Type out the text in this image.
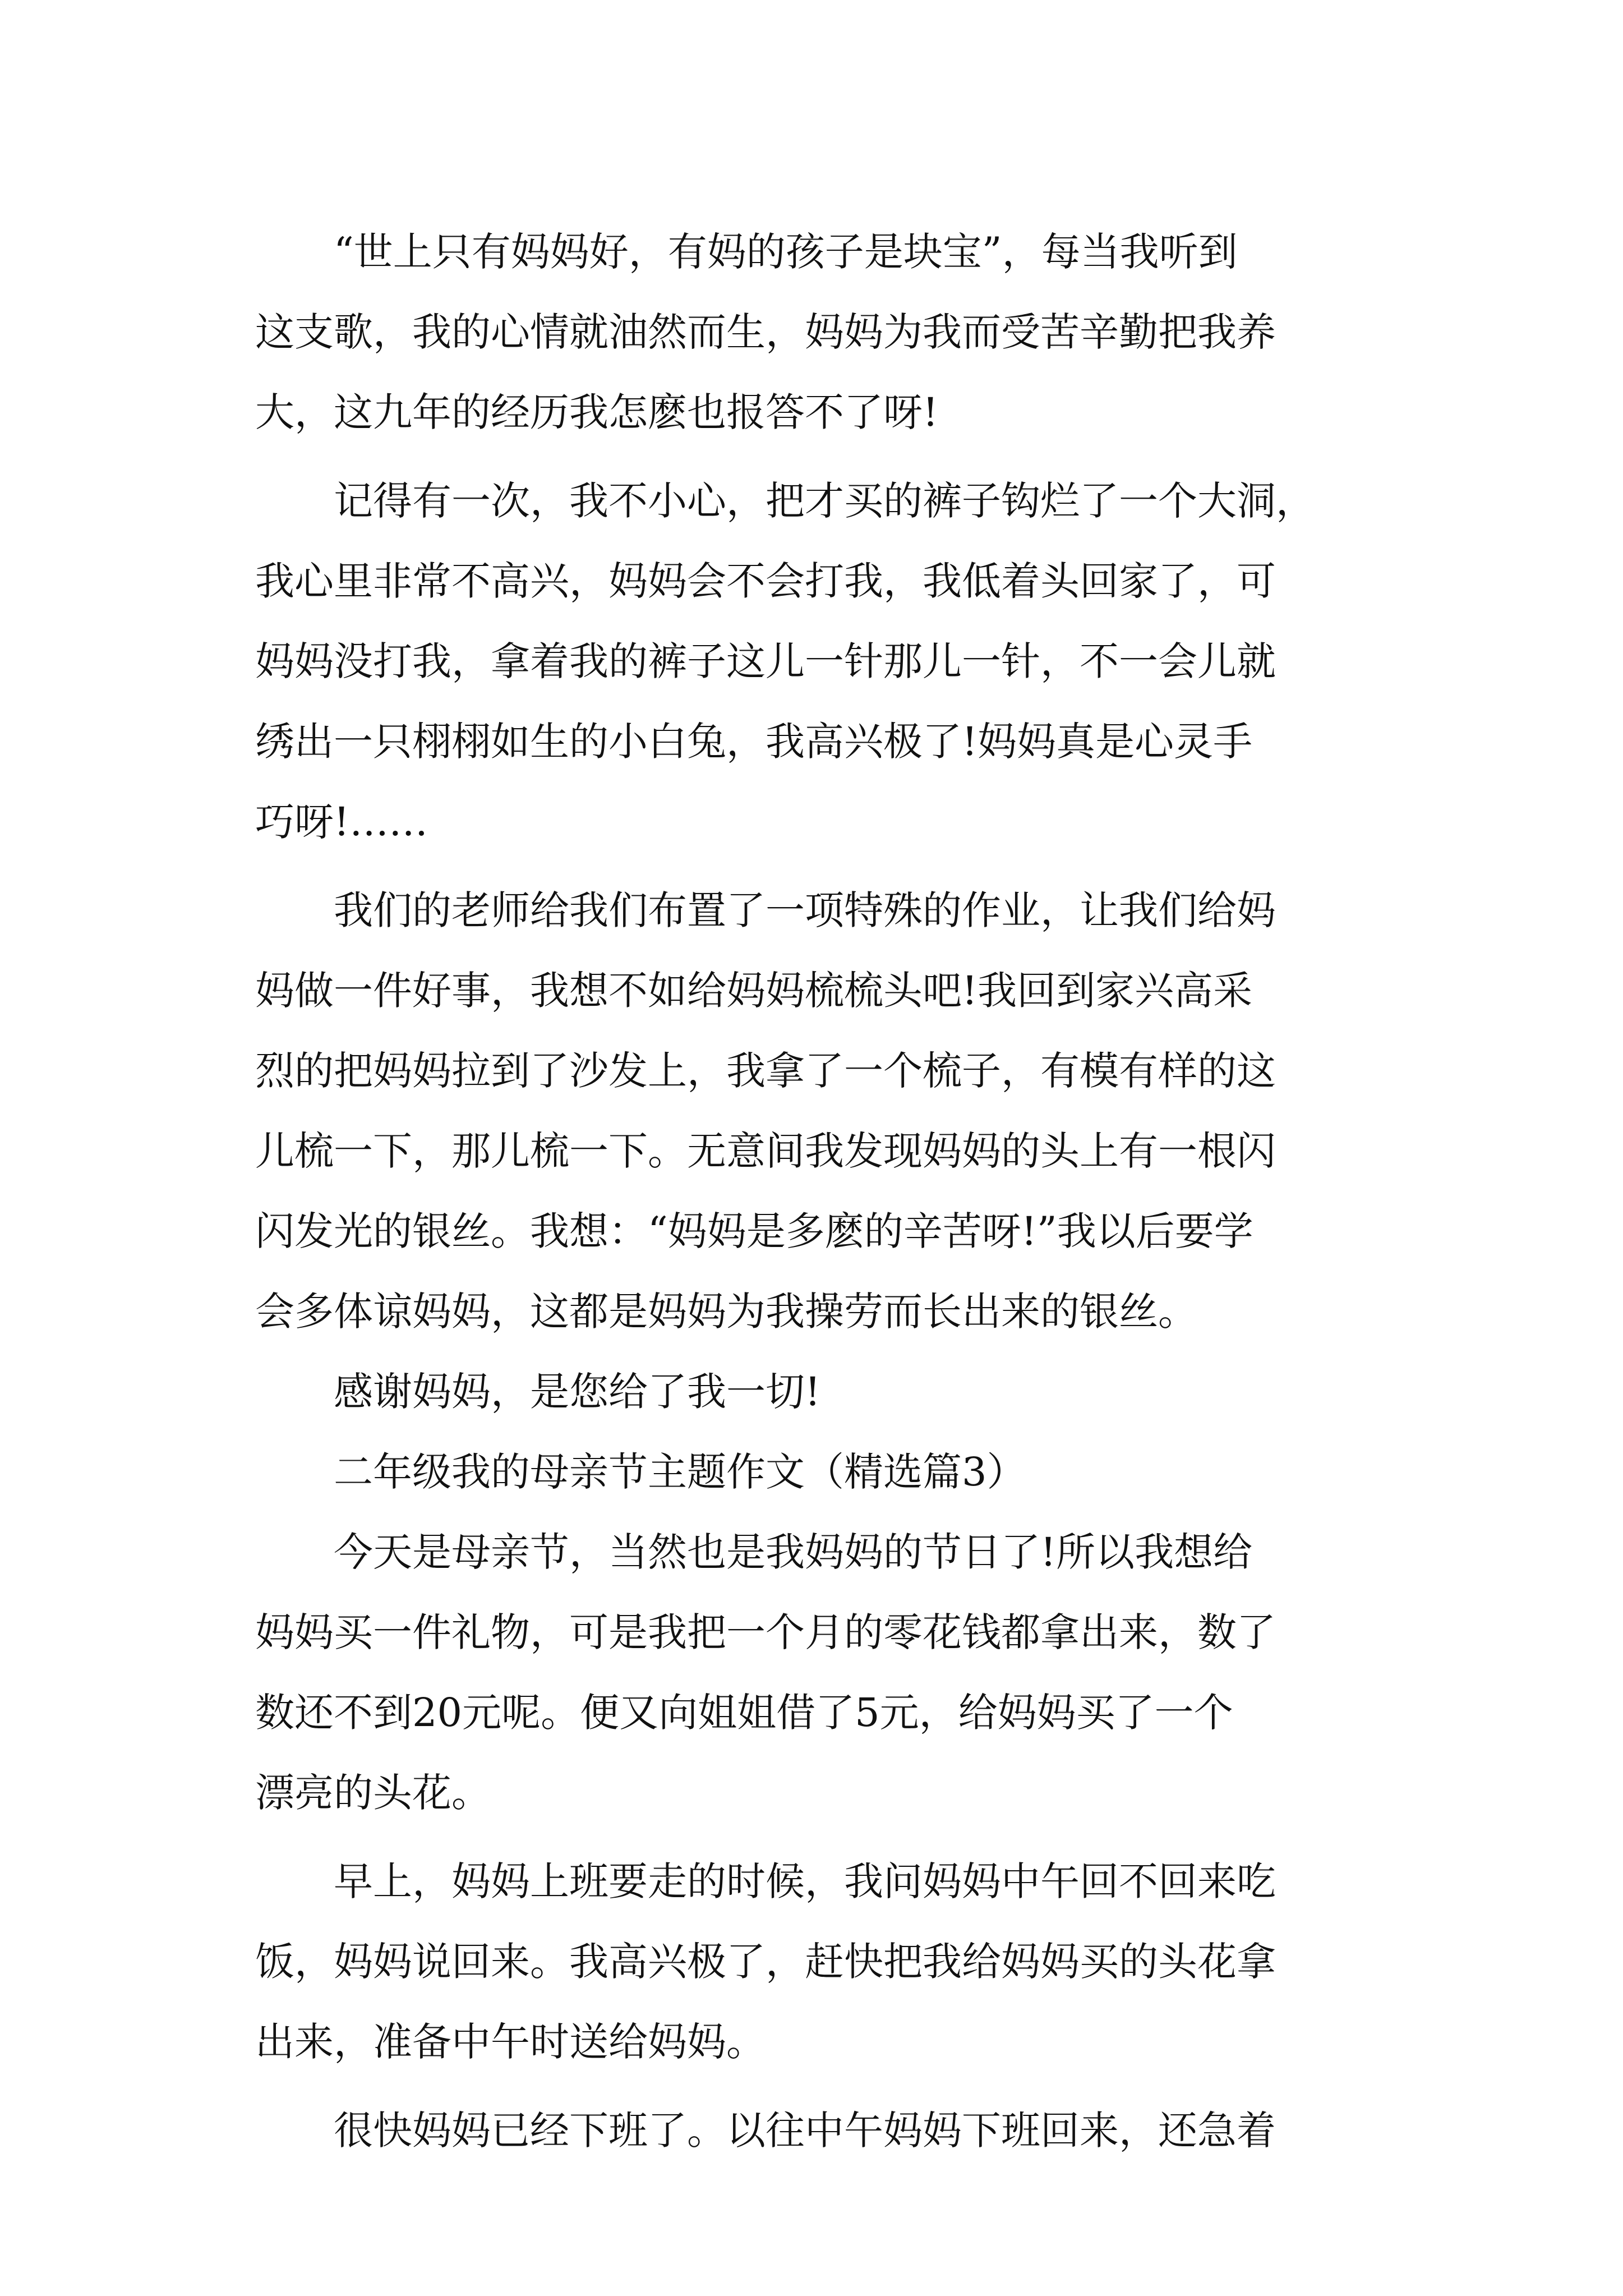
　　“世上只有妈妈好，有妈的孩子是块宝”，每当我听到
这支歌，我的心情就油然而生，妈妈为我而受苦辛勤把我养
大，这九年的经历我怎麽也报答不了呀!
　　记得有一次，我不小心，把才买的裤子钩烂了一个大洞，
我心里非常不高兴，妈妈会不会打我，我低着头回家了，可
妈妈没打我，拿着我的裤子这儿一针那儿一针，不一会儿就
绣出一只栩栩如生的小白兔，我高兴极了!妈妈真是心灵手
巧呀!……
　　我们的老师给我们布置了一项特殊的作业，让我们给妈
妈做一件好事，我想不如给妈妈梳梳头吧!我回到家兴高采
烈的把妈妈拉到了沙发上，我拿了一个梳子，有模有样的这
儿梳一下，那儿梳一下。无意间我发现妈妈的头上有一根闪
闪发光的银丝。我想：“妈妈是多麽的辛苦呀!”我以后要学
会多体谅妈妈，这都是妈妈为我操劳而长出来的银丝。
　　感谢妈妈，是您给了我一切!
　　二年级我的母亲节主题作文（精选篇3）
　　今天是母亲节，当然也是我妈妈的节日了!所以我想给
妈妈买一件礼物，可是我把一个月的零花钱都拿出来，数了
数还不到20元呢。便又向姐姐借了5元，给妈妈买了一个
漂亮的头花。
　　早上，妈妈上班要走的时候，我问妈妈中午回不回来吃
饭，妈妈说回来。我高兴极了，赶快把我给妈妈买的头花拿
出来，准备中午时送给妈妈。
　　很快妈妈已经下班了。以往中午妈妈下班回来，还急着
